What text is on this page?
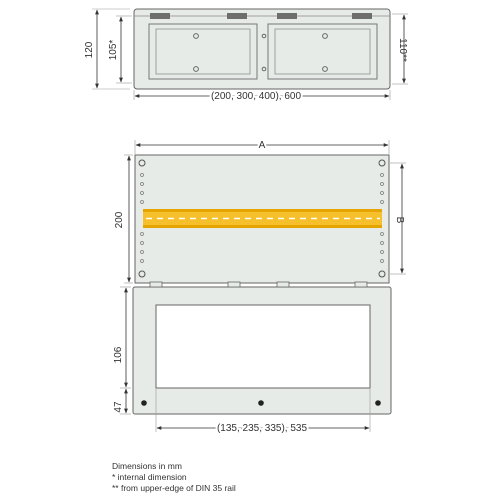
120 105*	110**
(200, 300, 400), 600
A
200	B
106
47
(135, 235, 335), 535
Dimensions in mm
* internal dimension
** from upper-edge of DIN 35 rail
